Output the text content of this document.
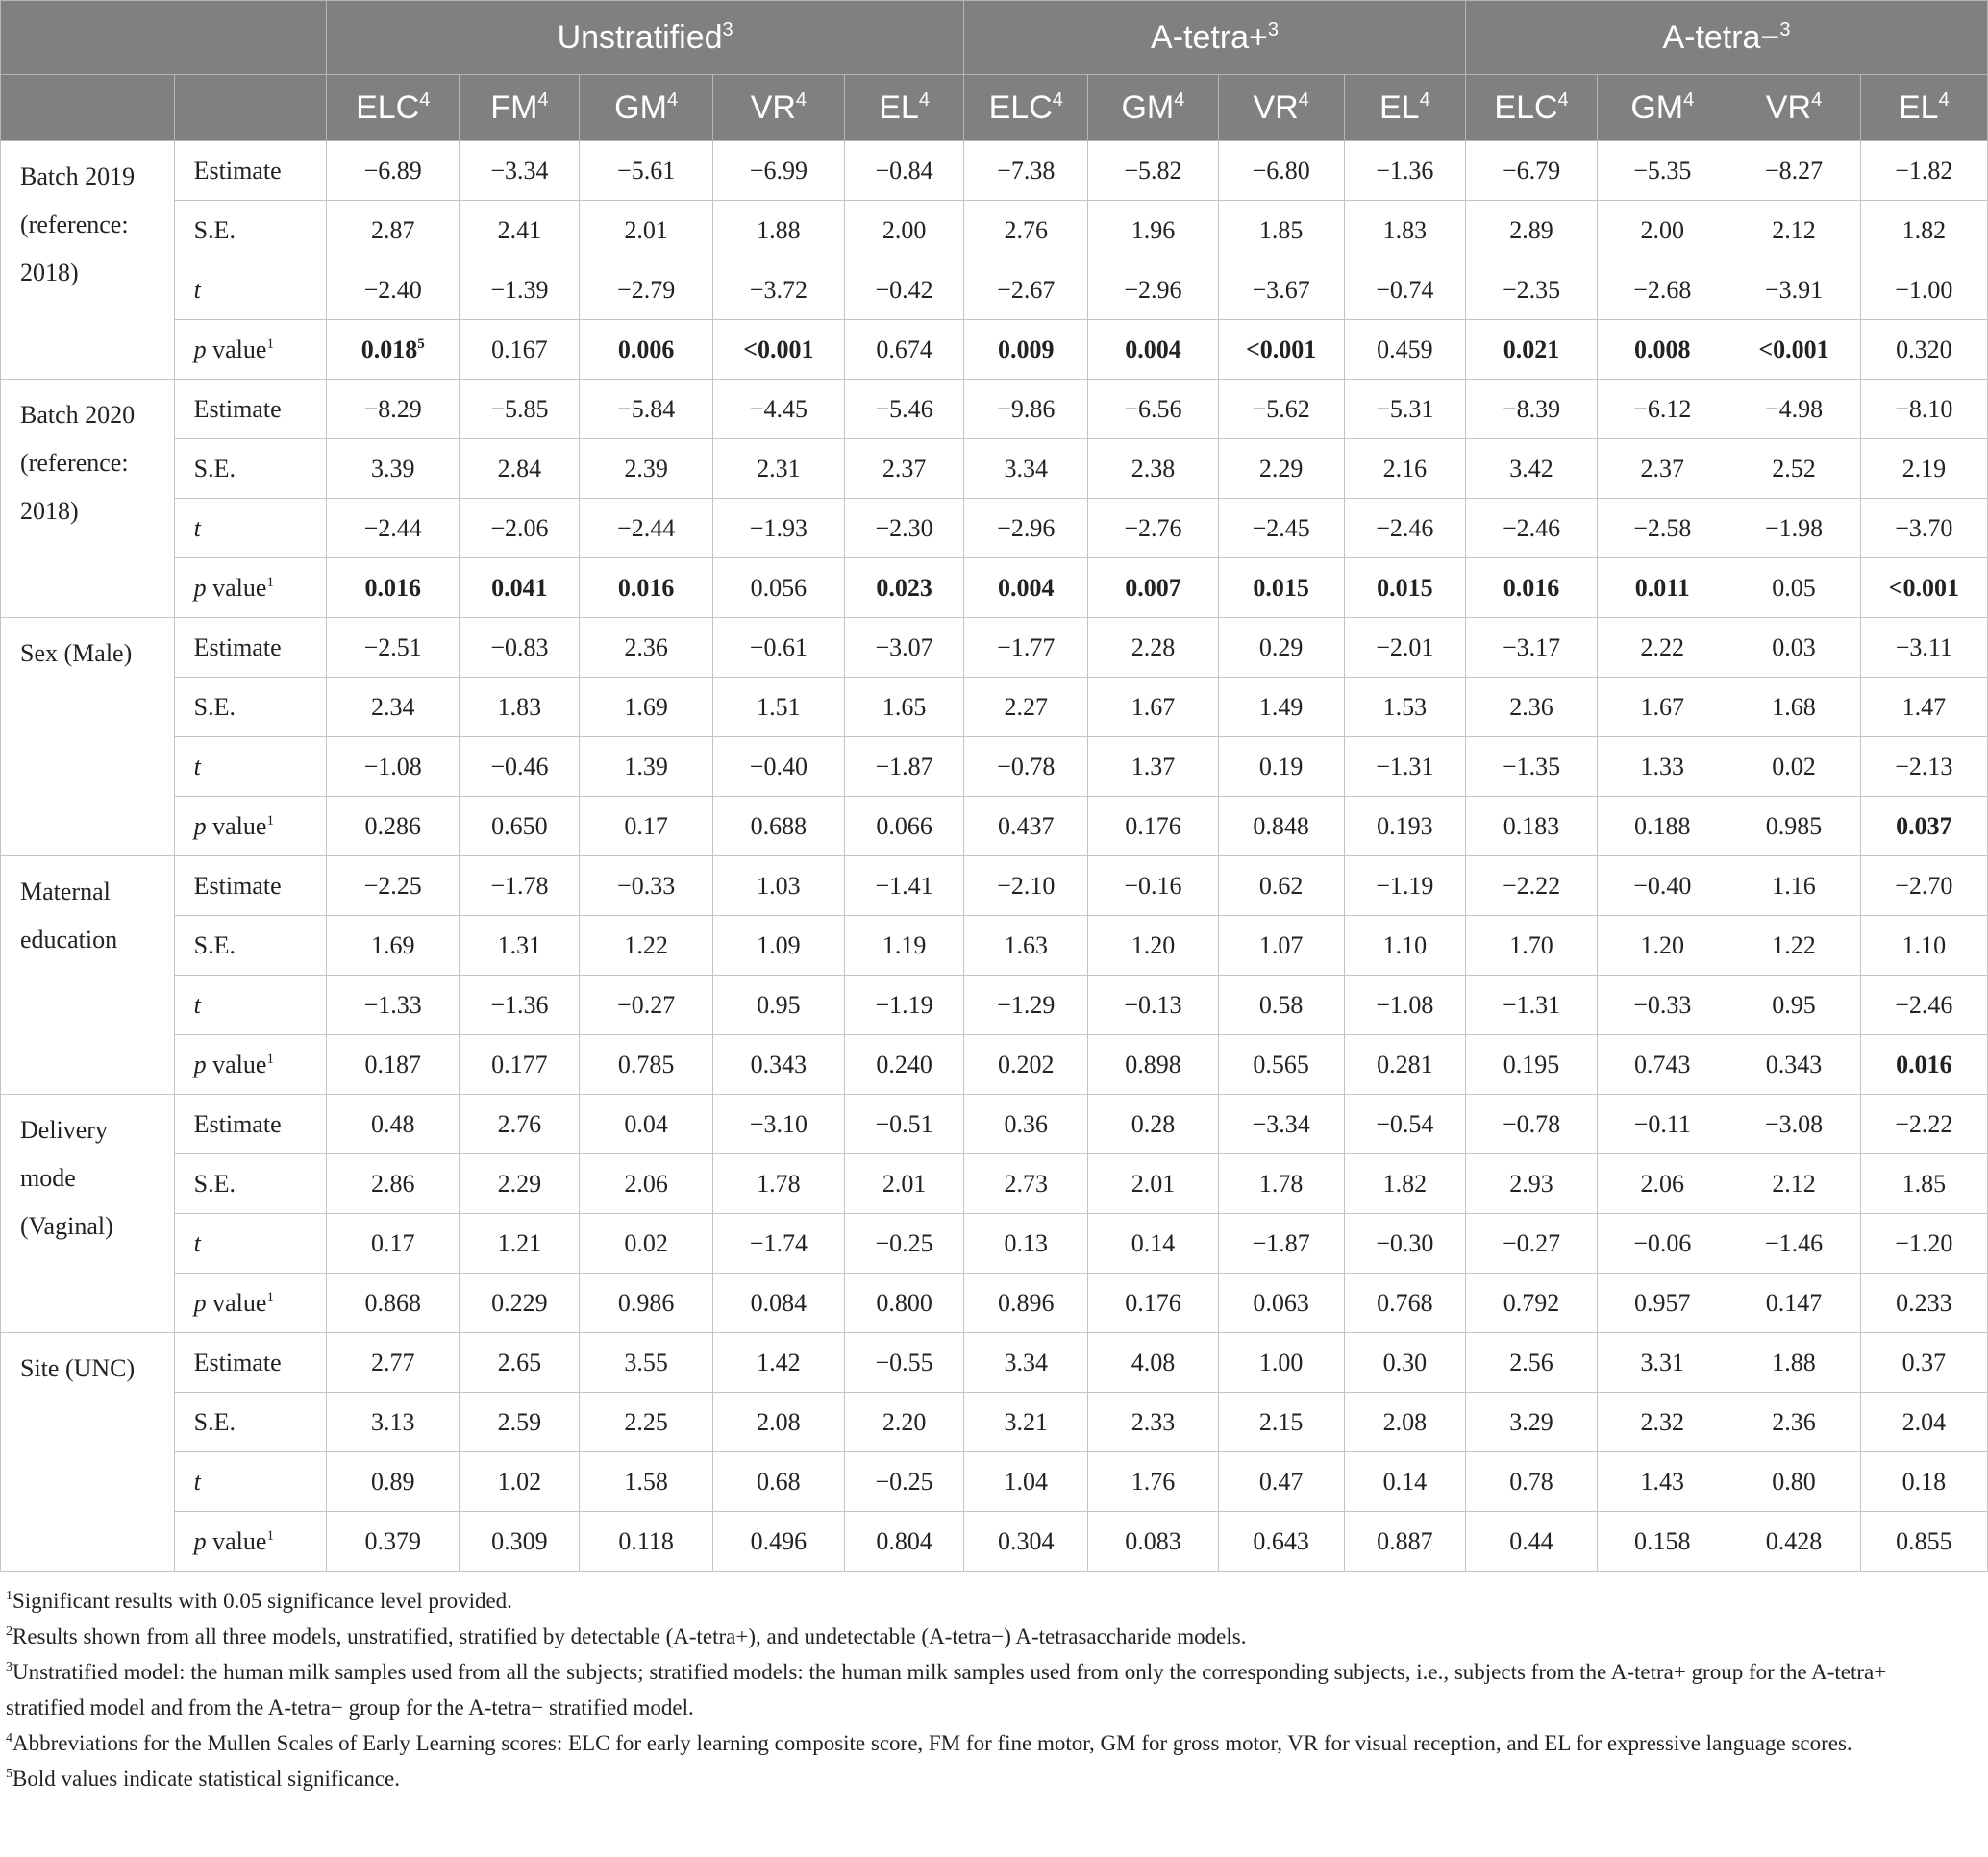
		Unstratified$^3$					A-tetra+$^3$				A-tetra−$^3$
		ELC$^4$	$FM^4$	$GM^4$	$VR^4$	$EL^4$	ELC$^4$	$GM^4$	$VR^4$	$EL^4$	ELC$^4$	$GM^4$	$VR^4$	$EL^4$

Batch 2019
(reference:
2018)	Estimate	−6.89	−3.34	−5.61	−6.99	−0.84	−7.38	−5.82	−6.80	−1.36	−6.79	−5.35	−8.27	−1.82
	S.E.	2.87	2.41	2.01	1.88	2.00	2.76	1.96	1.85	1.83	2.89	2.00	2.12	1.82
	t	−2.40	−1.39	−2.79	−3.72	−0.42	−2.67	−2.96	−3.67	−0.74	−2.35	−2.68	−3.91	−1.00
	p value$^1$	0.018$^5$	0.167	0.006	<0.001	0.674	0.009	0.004	<0.001	0.459	0.021	0.008	<0.001	0.320

Batch 2020
(reference:
2018)	Estimate	−8.29	−5.85	−5.84	−4.45	−5.46	−9.86	−6.56	−5.62	−5.31	−8.39	−6.12	−4.98	−8.10
	S.E.	3.39	2.84	2.39	2.31	2.37	3.34	2.38	2.29	2.16	3.42	2.37	2.52	2.19
	t	−2.44	−2.06	−2.44	−1.93	−2.30	−2.96	−2.76	−2.45	−2.46	−2.46	−2.58	−1.98	−3.70
	p value$^1$	0.016	0.041	0.016	0.056	0.023	0.004	0.007	0.015	0.015	0.016	0.011	0.05	<0.001

Sex (Male)	Estimate	−2.51	−0.83	2.36	−0.61	−3.07	−1.77	2.28	0.29	−2.01	−3.17	2.22	0.03	−3.11
	S.E.	2.34	1.83	1.69	1.51	1.65	2.27	1.67	1.49	1.53	2.36	1.67	1.68	1.47
	t	−1.08	−0.46	1.39	−0.40	−1.87	−0.78	1.37	0.19	−1.31	−1.35	1.33	0.02	−2.13
	p value$^1$	0.286	0.650	0.17	0.688	0.066	0.437	0.176	0.848	0.193	0.183	0.188	0.985	0.037

Maternal
education	Estimate	−2.25	−1.78	−0.33	1.03	−1.41	−2.10	−0.16	0.62	−1.19	−2.22	−0.40	1.16	−2.70
	S.E.	1.69	1.31	1.22	1.09	1.19	1.63	1.20	1.07	1.10	1.70	1.20	1.22	1.10
	t	−1.33	−1.36	−0.27	0.95	−1.19	−1.29	−0.13	0.58	−1.08	−1.31	−0.33	0.95	−2.46
	p value$^1$	0.187	0.177	0.785	0.343	0.240	0.202	0.898	0.565	0.281	0.195	0.743	0.343	0.016

Delivery
mode
(Vaginal)	Estimate	0.48	2.76	0.04	−3.10	−0.51	0.36	0.28	−3.34	−0.54	−0.78	−0.11	−3.08	−2.22
	S.E.	2.86	2.29	2.06	1.78	2.01	2.73	2.01	1.78	1.82	2.93	2.06	2.12	1.85
	t	0.17	1.21	0.02	−1.74	−0.25	0.13	0.14	−1.87	−0.30	−0.27	−0.06	−1.46	−1.20
	p value$^1$	0.868	0.229	0.986	0.084	0.800	0.896	0.176	0.063	0.768	0.792	0.957	0.147	0.233

Site (UNC)	Estimate	2.77	2.65	3.55	1.42	−0.55	3.34	4.08	1.00	0.30	2.56	3.31	1.88	0.37
	S.E.	3.13	2.59	2.25	2.08	2.20	3.21	2.33	2.15	2.08	3.29	2.32	2.36	2.04
	t	0.89	1.02	1.58	0.68	−0.25	1.04	1.76	0.47	0.14	0.78	1.43	0.80	0.18
	p value$^1$	0.379	0.309	0.118	0.496	0.804	0.304	0.083	0.643	0.887	0.44	0.158	0.428	0.855

$^1$Significant results with 0.05 significance level provided.

$^2$Results shown from all three models, unstratified, stratified by detectable (A-tetra+), and undetectable (A-tetra−) A-tetrasaccharide models.

$^3$Unstratified model: the human milk samples used from all the subjects; stratified models: the human milk samples used from only the corresponding subjects, i.e., subjects from the A-tetra+ group for the A-tetra+ stratified model and from the A-tetra− group for the A-tetra− stratified model.

$^4$Abbreviations for the Mullen Scales of Early Learning scores: ELC for early learning composite score, FM for fine motor, GM for gross motor, VR for visual reception, and EL for expressive language scores.

$^5$Bold values indicate statistical significance.
